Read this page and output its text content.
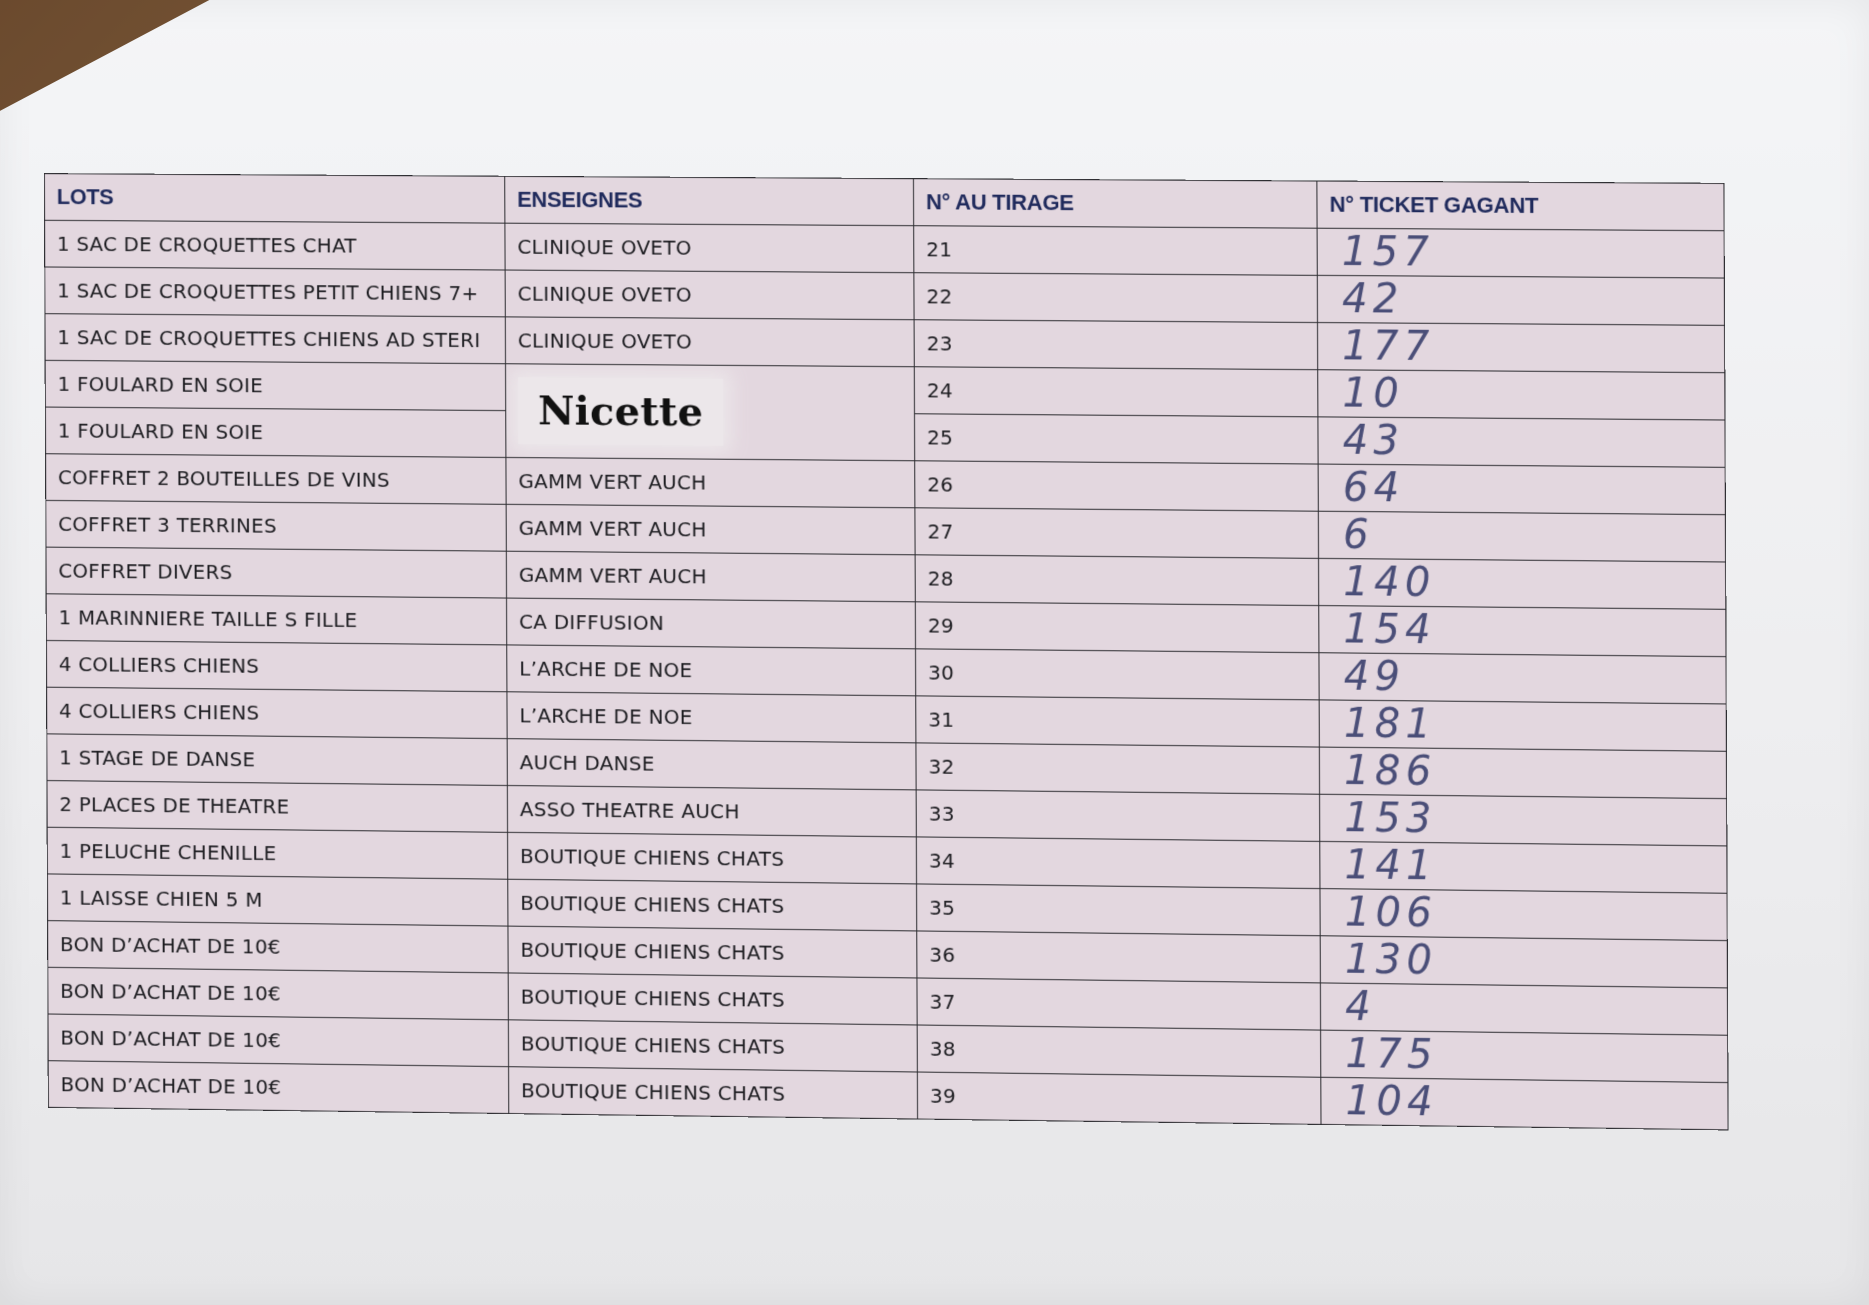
LOTS	ENSEIGNES	N° AU TIRAGE	N° TICKET GAGANT
1 SAC DE CROQUETTES CHAT	CLINIQUE OVETO	21	157
1 SAC DE CROQUETTES PETIT CHIENS 7+	CLINIQUE OVETO	22	42
1 SAC DE CROQUETTES CHIENS AD STERI	CLINIQUE OVETO	23	177
1 FOULARD EN SOIE	Nicette	24	10
1 FOULARD EN SOIE		25	43
COFFRET 2 BOUTEILLES DE VINS	GAMM VERT AUCH	26	64
COFFRET 3 TERRINES	GAMM VERT AUCH	27	6
COFFRET DIVERS	GAMM VERT AUCH	28	140
1 MARINNIERE TAILLE S FILLE	CA DIFFUSION	29	154
4 COLLIERS CHIENS	L’ARCHE DE NOE	30	49
4 COLLIERS CHIENS	L’ARCHE DE NOE	31	181
1 STAGE DE DANSE	AUCH DANSE	32	186
2 PLACES DE THEATRE	ASSO THEATRE AUCH	33	153
1 PELUCHE CHENILLE	BOUTIQUE CHIENS CHATS	34	141
1 LAISSE CHIEN 5 M	BOUTIQUE CHIENS CHATS	35	106
BON D’ACHAT DE 10€	BOUTIQUE CHIENS CHATS	36	130
BON D’ACHAT DE 10€	BOUTIQUE CHIENS CHATS	37	4
BON D’ACHAT DE 10€	BOUTIQUE CHIENS CHATS	38	175
BON D’ACHAT DE 10€	BOUTIQUE CHIENS CHATS	39	104
